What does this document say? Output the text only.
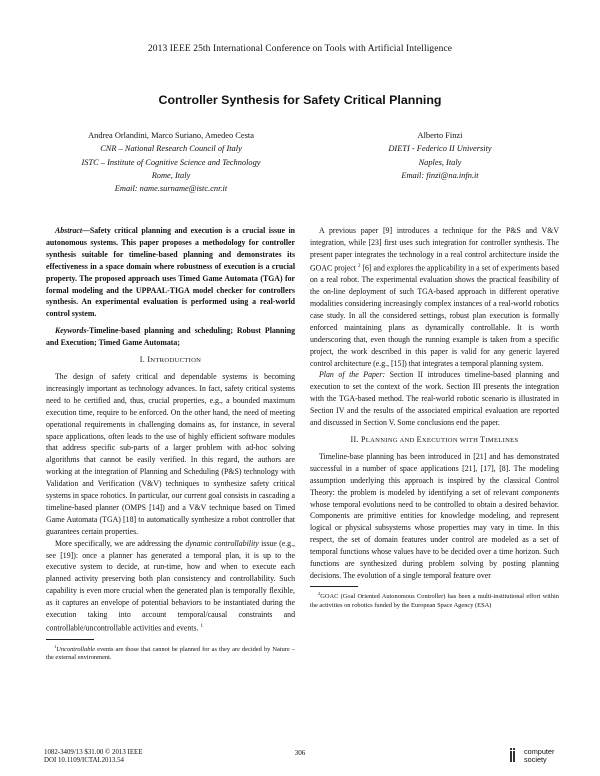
2013 IEEE 25th International Conference on Tools with Artificial Intelligence
Controller Synthesis for Safety Critical Planning
Andrea Orlandini, Marco Suriano, Amedeo Cesta
CNR – National Research Council of Italy
ISTC – Institute of Cognitive Science and Technology
Rome, Italy
Email: name.surname@istc.cnr.it
Alberto Finzi
DIETI - Federico II University
Naples, Italy
Email: finzi@na.infn.it

Abstract—Safety critical planning and execution is a crucial issue in autonomous systems. This paper proposes a methodology for controller synthesis suitable for timeline-based planning and demonstrates its effectiveness in a space domain where robustness of execution is a crucial property. The proposed approach uses Timed Game Automata (TGA) for formal modeling and the UPPAAL-TIGA model checker for controllers synthesis. An experimental evaluation is performed using a real-world control system.

Keywords-Timeline-based planning and scheduling; Robust Planning and Execution; Timed Game Automata;

I. INTRODUCTION

The design of safety critical and dependable systems is becoming increasingly important as technology advances. In fact, safety critical systems need to be certified and, thus, crucial properties, e.g., a bounded maximum execution time, require to be enforced. On the other hand, the need of meeting operational requirements in challenging domains as, for instance, in several space applications, often leads to the use of highly efficient software modules that address specific sub-parts of a larger problem with ad-hoc solving algorithms that cannot be easily verified. In this regard, the authors are working at the integration of Planning and Scheduling (P&S) technology with Validation and Verification (V&V) techniques to synthesize safety critical systems in space robotics. In particular, our current goal consists in cascading a timeline-based planner (OMPS [14]) and a V&V technique based on Timed Game Automata (TGA) [18] to automatically synthesize a robot controller that guarantees certain properties.

More specifically, we are addressing the dynamic controllability issue (e.g., see [19]): once a planner has generated a temporal plan, it is up to the executive system to decide, at run-time, how and when to execute each planned activity preserving both plan consistency and controllability. Such capability is even more crucial when the generated plan is temporally flexible, as it captures an envelope of potential behaviors to be instantiated during the execution taking into account temporal/causal constraints and controllable/uncontrollable activities and events. $^1$

$^1$Uncontrollable events are those that cannot be planned for as they are decided by Nature – the external environment.

A previous paper [9] introduces a technique for the P&S and V&V integration, while [23] first uses such integration for controller synthesis. The present paper integrates the technology in a real control architecture inside the GOAC project $^2$ [6] and explores the applicability in a set of experiments based on a real robot. The experimental evaluation shows the practical feasibility of the on-line deployment of such TGA-based approach in different operative modalities considering increasingly complex instances of a real-world robotics case study. In all the considered settings, robust plan execution is formally enforced maintaining plans as dynamically controllable. It is worth underscoring that, even though the running example is taken from a specific project, the work described in this paper is valid for any generic layered control architecture (e.g., [15]) that integrates a temporal planning system.

Plan of the Paper: Section II introduces timeline-based planning and execution to set the context of the work. Section III presents the integration with the TGA-based method. The real-world robotic scenario is illustrated in Section IV and the results of the associated empirical evaluation are reported and discussed in Section V. Some conclusions end the paper.

II. PLANNING AND EXECUTION WITH TIMELINES

Timeline-base planning has been introduced in [21] and has demonstrated successful in a number of space applications [21], [17], [8]. The modeling assumption underlying this approach is inspired by the classical Control Theory: the problem is modeled by identifying a set of relevant components whose temporal evolutions need to be controlled to obtain a desired behavior. Components are primitive entities for knowledge modeling, and represent logical or physical subsystems whose properties may vary in time. In this respect, the set of domain features under control are modeled as a set of temporal functions whose values have to be decided over a time horizon. Such functions are synthesized during problem solving by posting planning decisions. The evolution of a single temporal feature over

$^2$GOAC (Goal Oriented Autonomous Controller) has been a multi-institutional effort within the activities on robotics funded by the European Space Agency (ESA)

1082-3409/13 $31.00 © 2013 IEEE
DOI 10.1109/ICTAI.2013.54
306	computer
society
